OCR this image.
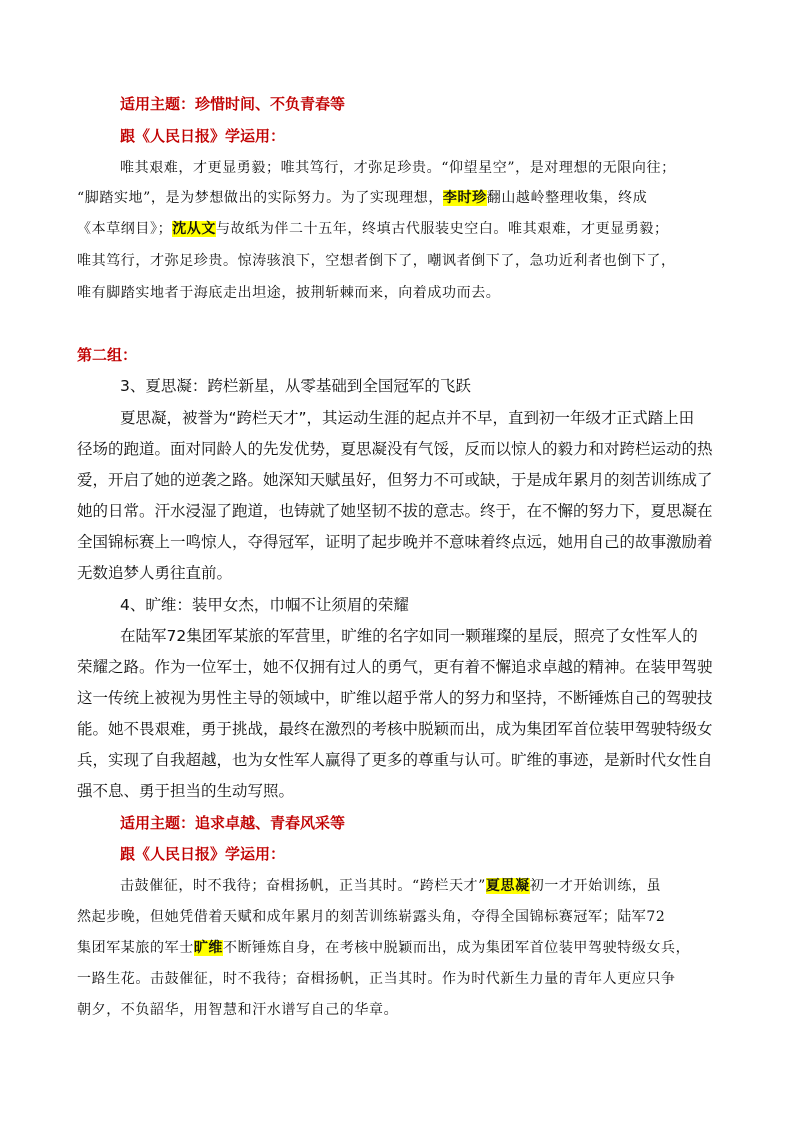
适用主题：珍惜时间、不负青春等
跟《人民日报》学运用：
唯其艰难，才更显勇毅；唯其笃行，才弥足珍贵。“仰望星空”，是对理想的无限向往；
“脚踏实地”，是为梦想做出的实际努力。为了实现理想，李时珍翻山越岭整理收集，终成
《本草纲目》；沈从文与故纸为伴二十五年，终填古代服装史空白。唯其艰难，才更显勇毅；
唯其笃行，才弥足珍贵。惊涛骇浪下，空想者倒下了，嘲讽者倒下了，急功近利者也倒下了，
唯有脚踏实地者于海底走出坦途，披荆斩棘而来，向着成功而去。
第二组：
3、夏思凝：跨栏新星，从零基础到全国冠军的飞跃
夏思凝，被誉为“跨栏天才”，其运动生涯的起点并不早，直到初一年级才正式踏上田
径场的跑道。面对同龄人的先发优势，夏思凝没有气馁，反而以惊人的毅力和对跨栏运动的热
爱，开启了她的逆袭之路。她深知天赋虽好，但努力不可或缺，于是成年累月的刻苦训练成了
她的日常。汗水浸湿了跑道，也铸就了她坚韧不拔的意志。终于，在不懈的努力下，夏思凝在
全国锦标赛上一鸣惊人，夺得冠军，证明了起步晚并不意味着终点远，她用自己的故事激励着
无数追梦人勇往直前。
4、旷维：装甲女杰，巾帼不让须眉的荣耀
在陆军72集团军某旅的军营里，旷维的名字如同一颗璀璨的星辰，照亮了女性军人的
荣耀之路。作为一位军士，她不仅拥有过人的勇气，更有着不懈追求卓越的精神。在装甲驾驶
这一传统上被视为男性主导的领域中，旷维以超乎常人的努力和坚持，不断锤炼自己的驾驶技
能。她不畏艰难，勇于挑战，最终在激烈的考核中脱颖而出，成为集团军首位装甲驾驶特级女
兵，实现了自我超越，也为女性军人赢得了更多的尊重与认可。旷维的事迹，是新时代女性自
强不息、勇于担当的生动写照。
适用主题：追求卓越、青春风采等
跟《人民日报》学运用：
击鼓催征，时不我待；奋楫扬帆，正当其时。“跨栏天才”夏思凝初一才开始训练，虽
然起步晚，但她凭借着天赋和成年累月的刻苦训练崭露头角，夺得全国锦标赛冠军；陆军72
集团军某旅的军士旷维不断锤炼自身，在考核中脱颖而出，成为集团军首位装甲驾驶特级女兵，
一路生花。击鼓催征，时不我待；奋楫扬帆，正当其时。作为时代新生力量的青年人更应只争
朝夕，不负韶华，用智慧和汗水谱写自己的华章。
